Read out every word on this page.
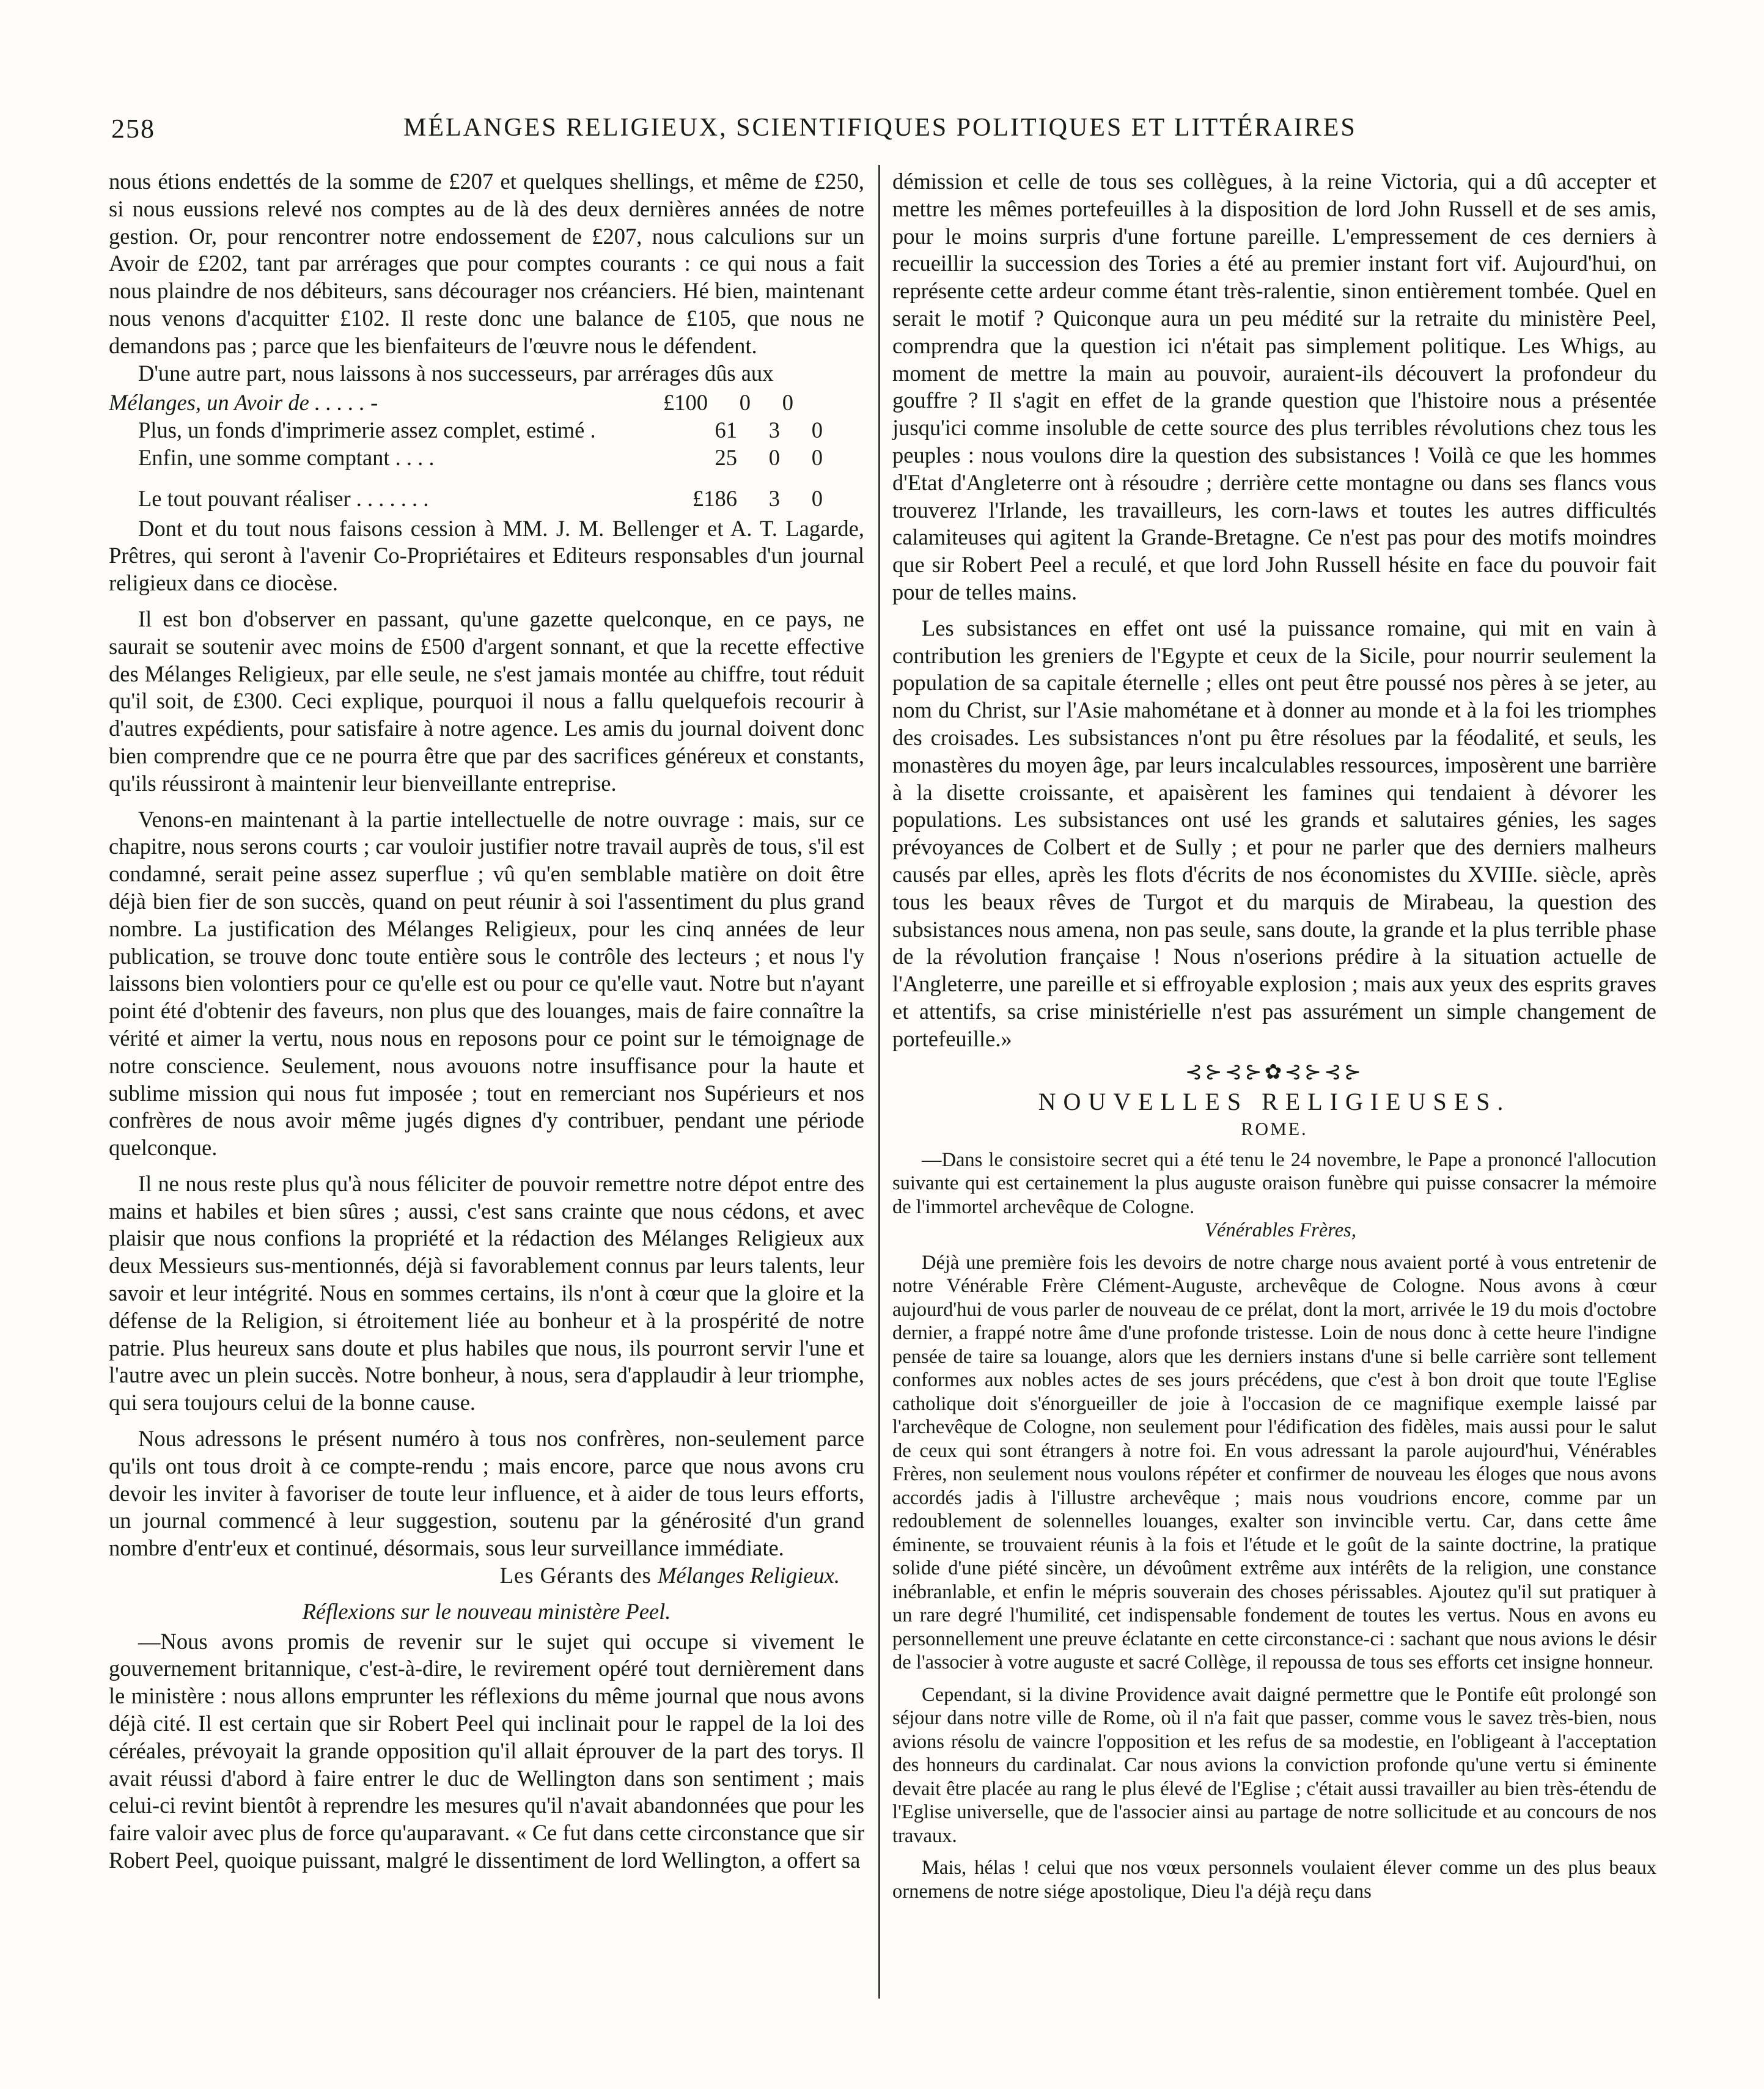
258	MÉLANGES RELIGIEUX, SCIENTIFIQUES POLITIQUES ET LITTÉRAIRES

nous étions endettés de la somme de £207 et quelques shellings, et même de £250, si nous eussions relevé nos comptes au de là des deux dernières années de notre gestion. Or, pour rencontrer notre endossement de £207, nous calculions sur un Avoir de £202, tant par arrérages que pour comptes courants : ce qui nous a fait nous plaindre de nos débiteurs, sans décourager nos créanciers. Hé bien, maintenant nous venons d'acquitter £102. Il reste donc une balance de £105, que nous ne demandons pas ; parce que les bienfaiteurs de l'œuvre nous le défendent.

D'une autre part, nous laissons à nos successeurs, par arrérages dûs aux

Mélanges, un Avoir de . . . . . -	£100	0	0
Plus, un fonds d'imprimerie assez complet, estimé .	61	3	0
Enfin, une somme comptant . . . .	25	0	0
Le tout pouvant réaliser . . . . . . .	£186	3	0

Dont et du tout nous faisons cession à MM. J. M. Bellenger et A. T. Lagarde, Prêtres, qui seront à l'avenir Co-Propriétaires et Editeurs responsables d'un journal religieux dans ce diocèse.

Il est bon d'observer en passant, qu'une gazette quelconque, en ce pays, ne saurait se soutenir avec moins de £500 d'argent sonnant, et que la recette effective des Mélanges Religieux, par elle seule, ne s'est jamais montée au chiffre, tout réduit qu'il soit, de £300. Ceci explique, pourquoi il nous a fallu quelquefois recourir à d'autres expédients, pour satisfaire à notre agence. Les amis du journal doivent donc bien comprendre que ce ne pourra être que par des sacrifices généreux et constants, qu'ils réussiront à maintenir leur bienveillante entreprise.

Venons-en maintenant à la partie intellectuelle de notre ouvrage : mais, sur ce chapitre, nous serons courts ; car vouloir justifier notre travail auprès de tous, s'il est condamné, serait peine assez superflue ; vû qu'en semblable matière on doit être déjà bien fier de son succès, quand on peut réunir à soi l'assentiment du plus grand nombre. La justification des Mélanges Religieux, pour les cinq années de leur publication, se trouve donc toute entière sous le contrôle des lecteurs ; et nous l'y laissons bien volontiers pour ce qu'elle est ou pour ce qu'elle vaut. Notre but n'ayant point été d'obtenir des faveurs, non plus que des louanges, mais de faire connaître la vérité et aimer la vertu, nous nous en reposons pour ce point sur le témoignage de notre conscience. Seulement, nous avouons notre insuffisance pour la haute et sublime mission qui nous fut imposée ; tout en remerciant nos Supérieurs et nos confrères de nous avoir même jugés dignes d'y contribuer, pendant une période quelconque.

Il ne nous reste plus qu'à nous féliciter de pouvoir remettre notre dépot entre des mains et habiles et bien sûres ; aussi, c'est sans crainte que nous cédons, et avec plaisir que nous confions la propriété et la rédaction des Mélanges Religieux aux deux Messieurs sus-mentionnés, déjà si favorablement connus par leurs talents, leur savoir et leur intégrité. Nous en sommes certains, ils n'ont à cœur que la gloire et la défense de la Religion, si étroitement liée au bonheur et à la prospérité de notre patrie. Plus heureux sans doute et plus habiles que nous, ils pourront servir l'une et l'autre avec un plein succès. Notre bonheur, à nous, sera d'applaudir à leur triomphe, qui sera toujours celui de la bonne cause.

Nous adressons le présent numéro à tous nos confrères, non-seulement parce qu'ils ont tous droit à ce compte-rendu ; mais encore, parce que nous avons cru devoir les inviter à favoriser de toute leur influence, et à aider de tous leurs efforts, un journal commencé à leur suggestion, soutenu par la générosité d'un grand nombre d'entr'eux et continué, désormais, sous leur surveillance immédiate.

Les Gérants des Mélanges Religieux.

Réflexions sur le nouveau ministère Peel.

—Nous avons promis de revenir sur le sujet qui occupe si vivement le gouvernement britannique, c'est-à-dire, le revirement opéré tout dernièrement dans le ministère : nous allons emprunter les réflexions du même journal que nous avons déjà cité. Il est certain que sir Robert Peel qui inclinait pour le rappel de la loi des céréales, prévoyait la grande opposition qu'il allait éprouver de la part des torys. Il avait réussi d'abord à faire entrer le duc de Wellington dans son sentiment ; mais celui-ci revint bientôt à reprendre les mesures qu'il n'avait abandonnées que pour les faire valoir avec plus de force qu'auparavant. « Ce fut dans cette circonstance que sir Robert Peel, quoique puissant, malgré le dissentiment de lord Wellington, a offert sa

démission et celle de tous ses collègues, à la reine Victoria, qui a dû accepter et mettre les mêmes portefeuilles à la disposition de lord John Russell et de ses amis, pour le moins surpris d'une fortune pareille. L'empressement de ces derniers à recueillir la succession des Tories a été au premier instant fort vif. Aujourd'hui, on représente cette ardeur comme étant très-ralentie, sinon entièrement tombée. Quel en serait le motif ? Quiconque aura un peu médité sur la retraite du ministère Peel, comprendra que la question ici n'était pas simplement politique. Les Whigs, au moment de mettre la main au pouvoir, auraient-ils découvert la profondeur du gouffre ? Il s'agit en effet de la grande question que l'histoire nous a présentée jusqu'ici comme insoluble de cette source des plus terribles révolutions chez tous les peuples : nous voulons dire la question des subsistances ! Voilà ce que les hommes d'Etat d'Angleterre ont à résoudre ; derrière cette montagne ou dans ses flancs vous trouverez l'Irlande, les travailleurs, les corn-laws et toutes les autres difficultés calamiteuses qui agitent la Grande-Bretagne. Ce n'est pas pour des motifs moindres que sir Robert Peel a reculé, et que lord John Russell hésite en face du pouvoir fait pour de telles mains.

Les subsistances en effet ont usé la puissance romaine, qui mit en vain à contribution les greniers de l'Egypte et ceux de la Sicile, pour nourrir seulement la population de sa capitale éternelle ; elles ont peut être poussé nos pères à se jeter, au nom du Christ, sur l'Asie mahométane et à donner au monde et à la foi les triomphes des croisades. Les subsistances n'ont pu être résolues par la féodalité, et seuls, les monastères du moyen âge, par leurs incalculables ressources, imposèrent une barrière à la disette croissante, et apaisèrent les famines qui tendaient à dévorer les populations. Les subsistances ont usé les grands et salutaires génies, les sages prévoyances de Colbert et de Sully ; et pour ne parler que des derniers malheurs causés par elles, après les flots d'écrits de nos économistes du XVIIIe. siècle, après tous les beaux rêves de Turgot et du marquis de Mirabeau, la question des subsistances nous amena, non pas seule, sans doute, la grande et la plus terrible phase de la révolution française ! Nous n'oserions prédire à la situation actuelle de l'Angleterre, une pareille et si effroyable explosion ; mais aux yeux des esprits graves et attentifs, sa crise ministérielle n'est pas assurément un simple changement de portefeuille.»

⊰⊱⊰⊱✿⊰⊱⊰⊱
NOUVELLES RELIGIEUSES.
ROME.

—Dans le consistoire secret qui a été tenu le 24 novembre, le Pape a prononcé l'allocution suivante qui est certainement la plus auguste oraison funèbre qui puisse consacrer la mémoire de l'immortel archevêque de Cologne.

Vénérables Frères,

Déjà une première fois les devoirs de notre charge nous avaient porté à vous entretenir de notre Vénérable Frère Clément-Auguste, archevêque de Cologne. Nous avons à cœur aujourd'hui de vous parler de nouveau de ce prélat, dont la mort, arrivée le 19 du mois d'octobre dernier, a frappé notre âme d'une profonde tristesse. Loin de nous donc à cette heure l'indigne pensée de taire sa louange, alors que les derniers instans d'une si belle carrière sont tellement conformes aux nobles actes de ses jours précédens, que c'est à bon droit que toute l'Eglise catholique doit s'énorgueiller de joie à l'occasion de ce magnifique exemple laissé par l'archevêque de Cologne, non seulement pour l'édification des fidèles, mais aussi pour le salut de ceux qui sont étrangers à notre foi. En vous adressant la parole aujourd'hui, Vénérables Frères, non seulement nous voulons répéter et confirmer de nouveau les éloges que nous avons accordés jadis à l'illustre archevêque ; mais nous voudrions encore, comme par un redoublement de solennelles louanges, exalter son invincible vertu. Car, dans cette âme éminente, se trouvaient réunis à la fois et l'étude et le goût de la sainte doctrine, la pratique solide d'une piété sincère, un dévoûment extrême aux intérêts de la religion, une constance inébranlable, et enfin le mépris souverain des choses périssables. Ajoutez qu'il sut pratiquer à un rare degré l'humilité, cet indispensable fondement de toutes les vertus. Nous en avons eu personnellement une preuve éclatante en cette circonstance-ci : sachant que nous avions le désir de l'associer à votre auguste et sacré Collège, il repoussa de tous ses efforts cet insigne honneur.

Cependant, si la divine Providence avait daigné permettre que le Pontife eût prolongé son séjour dans notre ville de Rome, où il n'a fait que passer, comme vous le savez très-bien, nous avions résolu de vaincre l'opposition et les refus de sa modestie, en l'obligeant à l'acceptation des honneurs du cardinalat. Car nous avions la conviction profonde qu'une vertu si éminente devait être placée au rang le plus élevé de l'Eglise ; c'était aussi travailler au bien très-étendu de l'Eglise universelle, que de l'associer ainsi au partage de notre sollicitude et au concours de nos travaux.

Mais, hélas ! celui que nos vœux personnels voulaient élever comme un des plus beaux ornemens de notre siége apostolique, Dieu l'a déjà reçu dans
